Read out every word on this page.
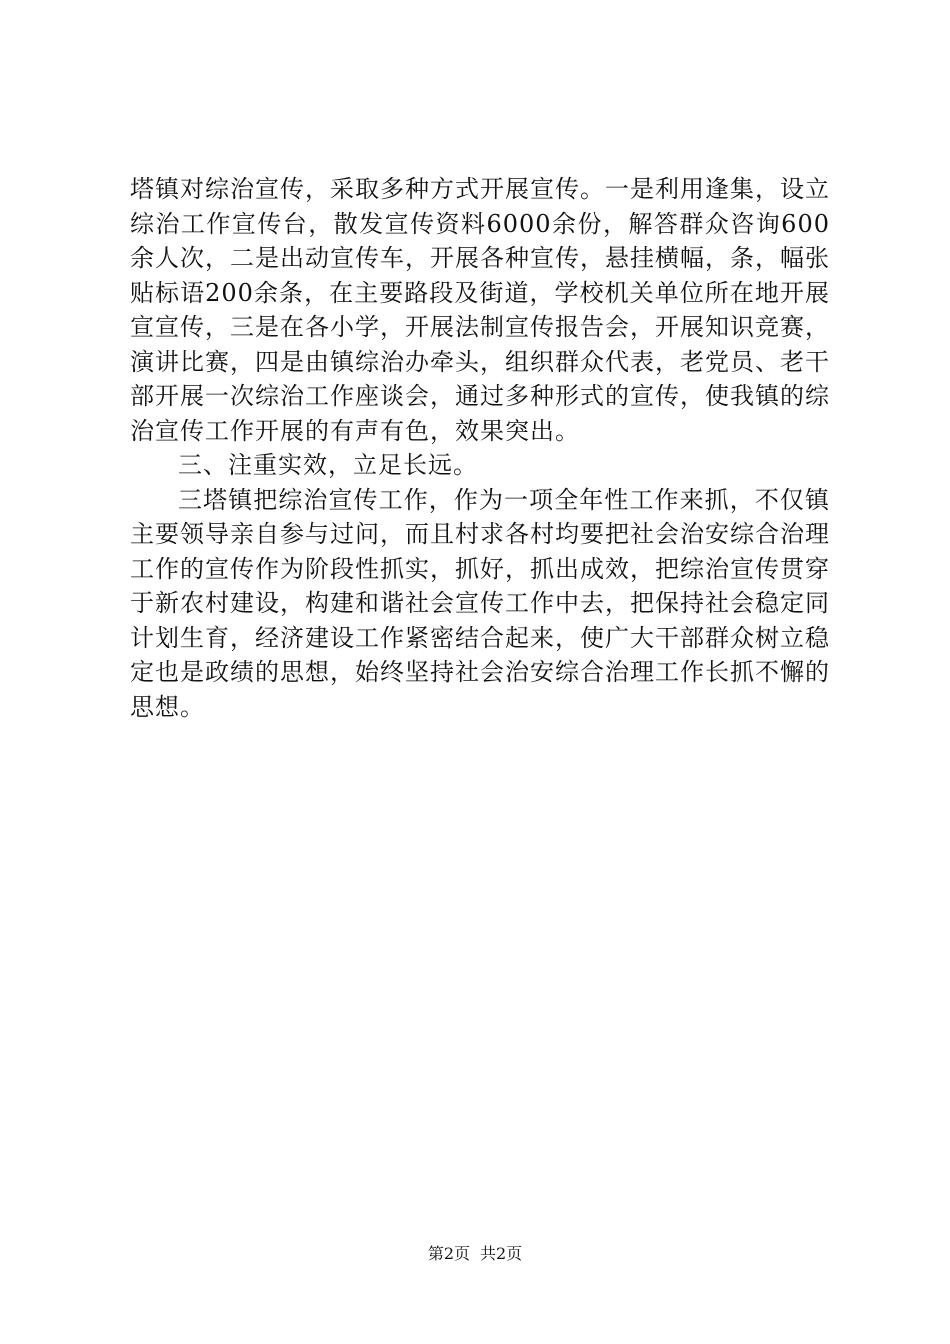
塔镇对综治宣传，采取多种方式开展宣传。一是利用逢集，设立综治工作宣传台，散发宣传资料6000余份，解答群众咨询600余人次，二是出动宣传车，开展各种宣传，悬挂横幅，条，幅张贴标语200余条，在主要路段及街道，学校机关单位所在地开展宣宣传，三是在各小学，开展法制宣传报告会，开展知识竞赛，演讲比赛，四是由镇综治办牵头，组织群众代表，老党员、老干部开展一次综治工作座谈会，通过多种形式的宣传，使我镇的综治宣传工作开展的有声有色，效果突出。

三、注重实效，立足长远。

三塔镇把综治宣传工作，作为一项全年性工作来抓，不仅镇主要领导亲自参与过问，而且村求各村均要把社会治安综合治理工作的宣传作为阶段性抓实，抓好，抓出成效，把综治宣传贯穿于新农村建设，构建和谐社会宣传工作中去，把保持社会稳定同计划生育，经济建设工作紧密结合起来，使广大干部群众树立稳定也是政绩的思想，始终坚持社会治安综合治理工作长抓不懈的思想。

第2页 共2页
